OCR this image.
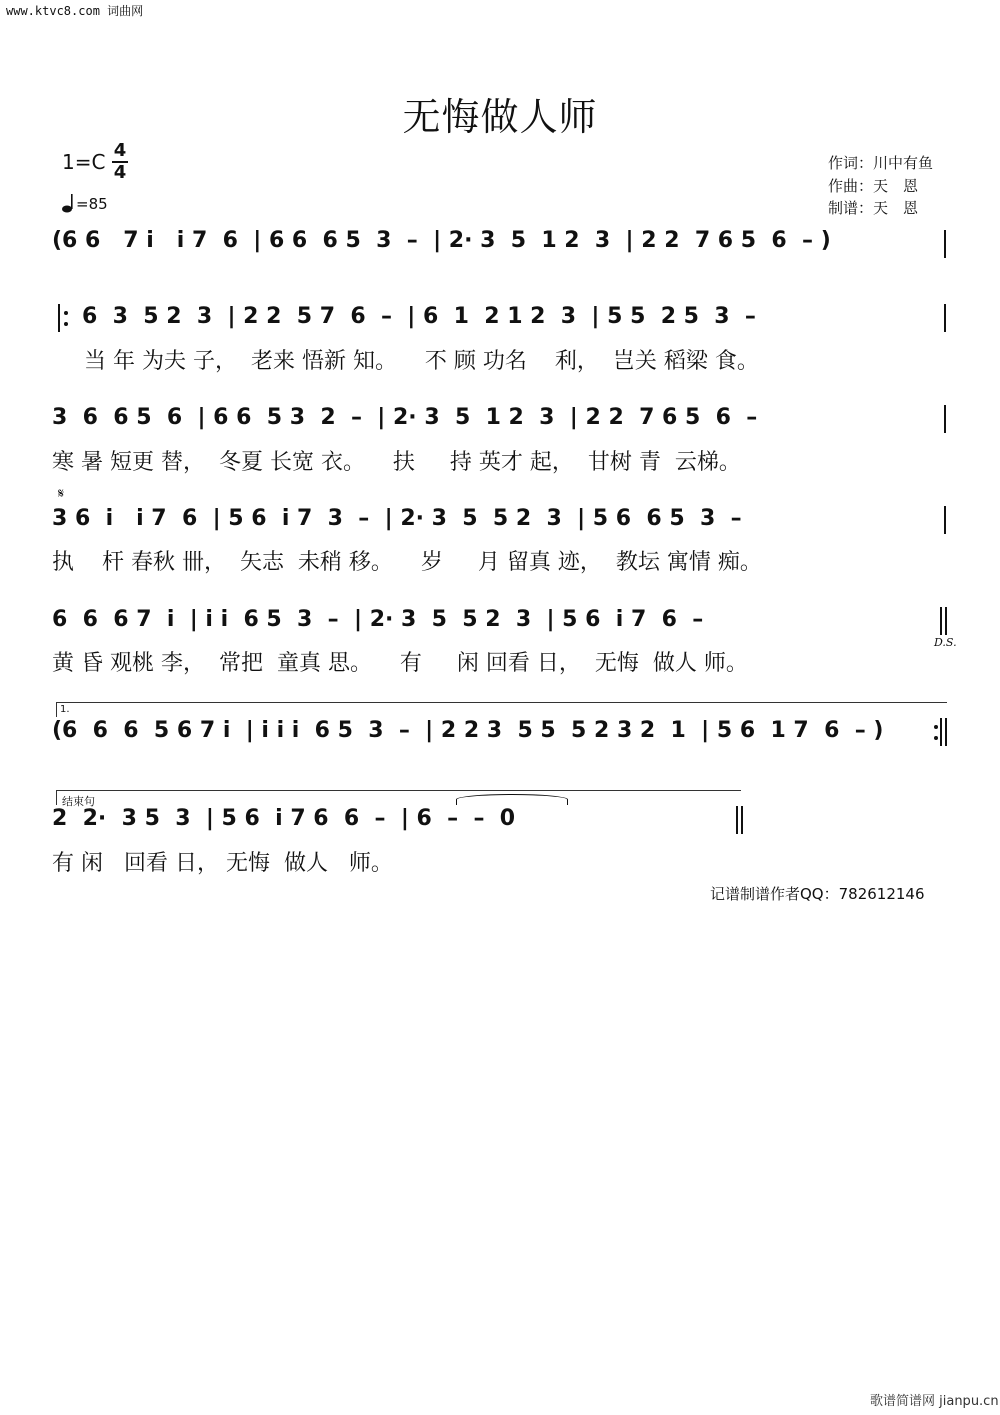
www.ktvc8.com 词曲网
无悔做人师
1=C 4
4
=85
作词：川中有鱼
作曲：天　恩
制谱：天　恩
(6 6   7 i   i 7  6  | 6 6  6 5  3  –  | 2· 3  5  1 2  3  | 2 2  7 6 5  6  – )
6  3  5 2  3  | 2 2  5 7  6  –  | 6  1  2 1 2  3  | 5 5  2 5  3  –
当 年 为夫 子，  老来 悟新 知。    不 顾 功名    利，  岂关 稻梁 食。
3  6  6 5  6  | 6 6  5 3  2  –  | 2· 3  5  1 2  3  | 2 2  7 6 5  6  –
寒 暑 短更 替，  冬夏 长宽 衣。    扶     持 英才 起，  甘树 青  云梯。
𝄋
3 6  i   i 7  6  | 5 6  i 7  3  –  | 2· 3  5  5 2  3  | 5 6  6 5  3  –
执    杆 春秋 卌，  矢志  未稍 移。    岁     月 留真 迹，  教坛 寓情 痴。
6  6  6 7  i  | i i  6 5  3  –  | 2· 3  5  5 2  3  | 5 6  i 7  6  –
D.S.
黄 昏 观桃 李，  常把  童真 思。    有     闲 回看 日，  无悔  做人 师。
1.
(6  6  6  5 6 7 i  | i i i  6 5  3  –  | 2 2 3  5 5  5 2 3 2  1  | 5 6  1 7  6  – )
结束句
2  2·  3 5  3  | 5 6  i 7 6  6  –  | 6  –  –  0
有 闲   回看 日， 无悔  做人   师。
记谱制谱作者QQ：782612146
歌谱简谱网 jianpu.cn
